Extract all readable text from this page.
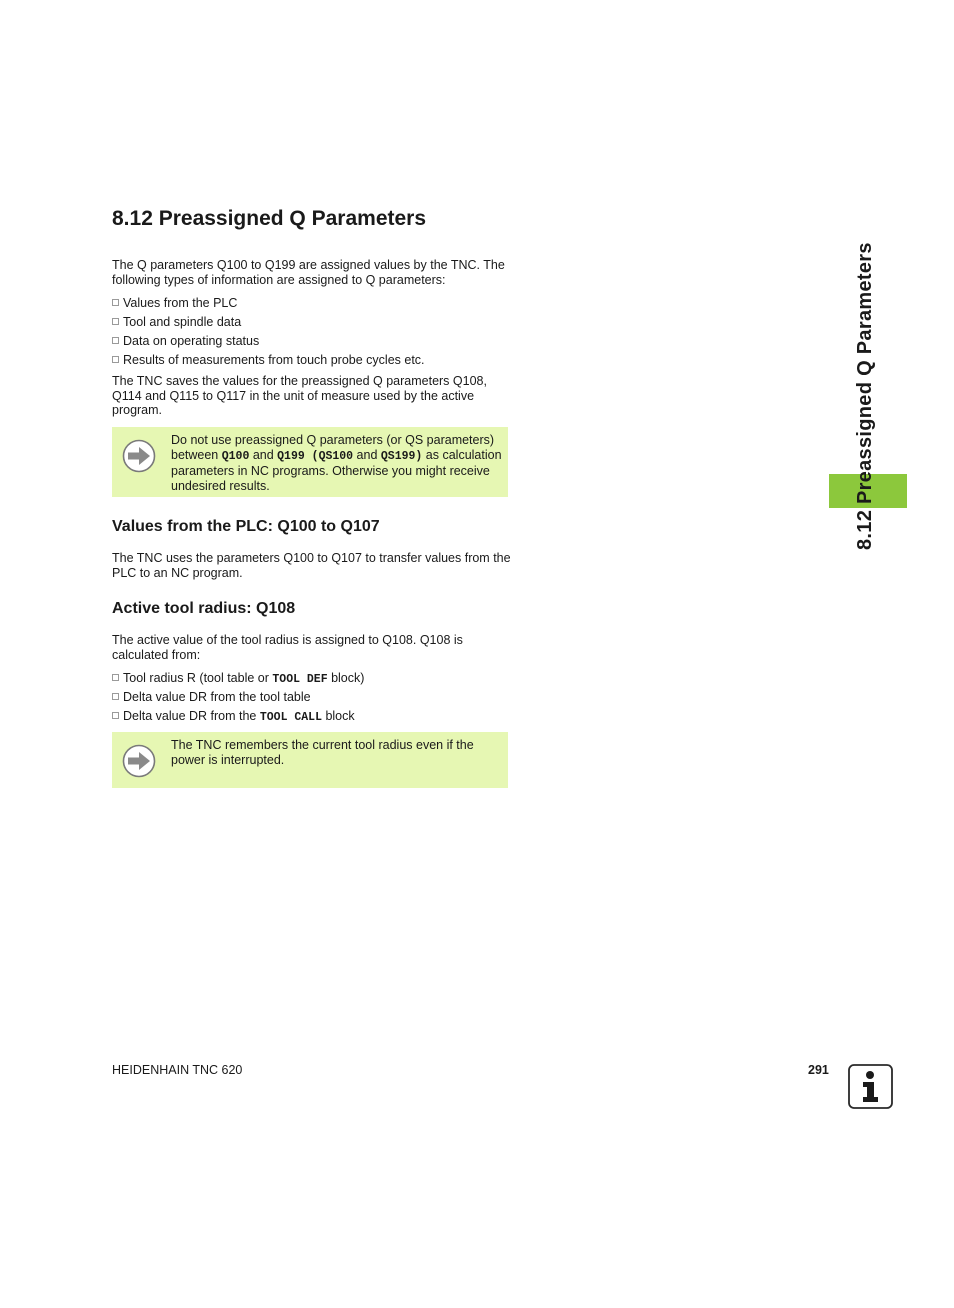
8.12 Preassigned Q Parameters

The Q parameters Q100 to Q199 are assigned values by the TNC. The following types of information are assigned to Q parameters:

Values from the PLC
Tool and spindle data
Data on operating status
Results of measurements from touch probe cycles etc.

The TNC saves the values for the preassigned Q parameters Q108, Q114 and Q115 to Q117 in the unit of measure used by the active program.

Do not use preassigned Q parameters (or QS parameters)
between Q100 and Q199 (QS100 and QS199) as calculation
parameters in NC programs. Otherwise you might receive
undesired results.

Values from the PLC: Q100 to Q107

The TNC uses the parameters Q100 to Q107 to transfer values from the PLC to an NC program.

Active tool radius: Q108

The active value of the tool radius is assigned to Q108. Q108 is calculated from:

Tool radius R (tool table or TOOL DEF block)
Delta value DR from the tool table
Delta value DR from the TOOL CALL block

The TNC remembers the current tool radius even if the power is interrupted.

8.12 Preassigned Q Parameters
HEIDENHAIN TNC 620	291
